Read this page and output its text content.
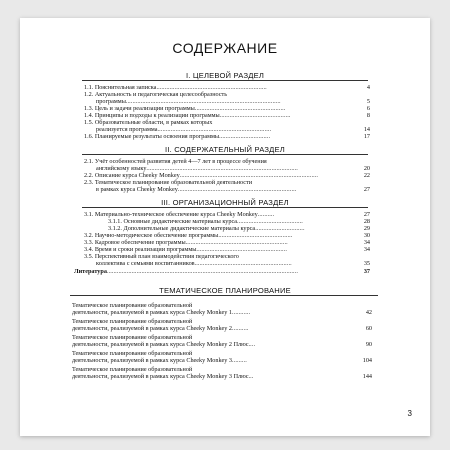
СОДЕРЖАНИЕ
I. ЦЕЛЕВОЙ РАЗДЕЛ
1.1. Пояснительная записка...................................................................	4
1.2. Актуальность и педагогическая целесообразность
программы..............................................................................................	5
1.3. Цель и задачи реализации программы.......................................................	6
1.4. Принципы и подходы к реализации программы...........................................	8
1.5. Образовательные области, в рамках которых
реализуется программа.....................................................................	14
1.6. Планируемые результаты освоения программы...............................	17
II. СОДЕРЖАТЕЛЬНЫЙ РАЗДЕЛ
2.1. Учёт особенностей развития детей 4—7 лет в процессе обучения
английскому языку............................................................................................	20
2.2. Описание курса Cheeky Monkey....................................................................................	22
2.3. Тематическое планирование образовательной деятельности
в рамках курса Cheeky Monkey........................................................................	27
III. ОРГАНИЗАЦИОННЫЙ РАЗДЕЛ
3.1. Материально-техническое обеспечение курса Cheeky Monkey..........	27
3.1.1. Основные дидактические материалы курса........................................	28
3.1.2. Дополнительные дидактические материалы курса..............................	29
3.2. Научно-методическое обеспечение программы.............................................	30
3.3. Кадровое обеспечение программы..............................................................	34
3.4. Время и сроки реализации программы.......................................................	34
3.5. Перспективный план взаимодействия педагогического
коллектива с семьями воспитанников...........................................................	35
Литература....................................................................................................................	37
ТЕМАТИЧЕСКОЕ ПЛАНИРОВАНИЕ
Тематическое планирование образовательной
деятельности, реализуемой в рамках курса Cheeky Monkey 1...........	42
Тематическое планирование образовательной
деятельности, реализуемой в рамках курса Cheeky Monkey 2..........	60
Тематическое планирование образовательной
деятельности, реализуемой в рамках курса Cheeky Monkey 2 Плюс....	90
Тематическое планирование образовательной
деятельности, реализуемой в рамках курса Cheeky Monkey 3.........	104
Тематическое планирование образовательной
деятельности, реализуемой в рамках курса Cheeky Monkey 3 Плюс...	144
3
